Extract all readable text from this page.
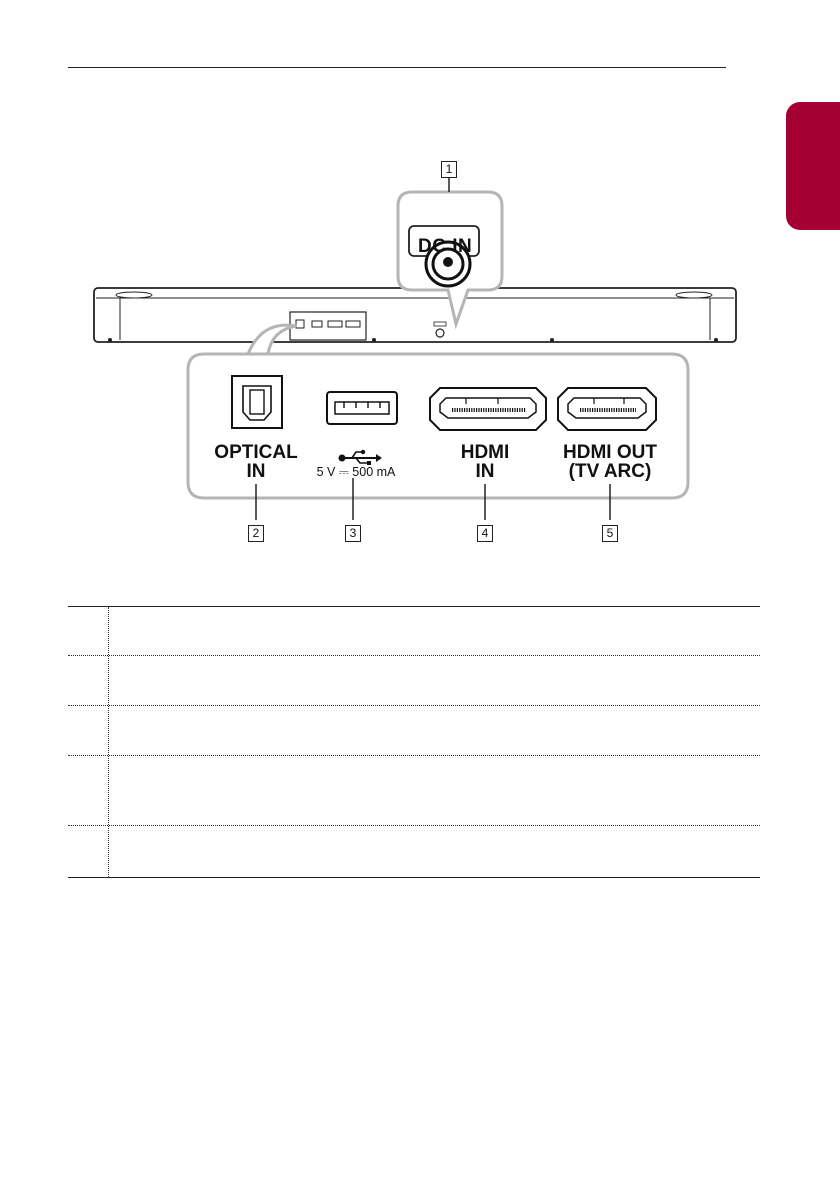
DC IN
1
2	3	4	5
OPTICAL
IN	5 V ⎓ 500 mA
HDMI
IN
HDMI OUT
(TV ARC)
